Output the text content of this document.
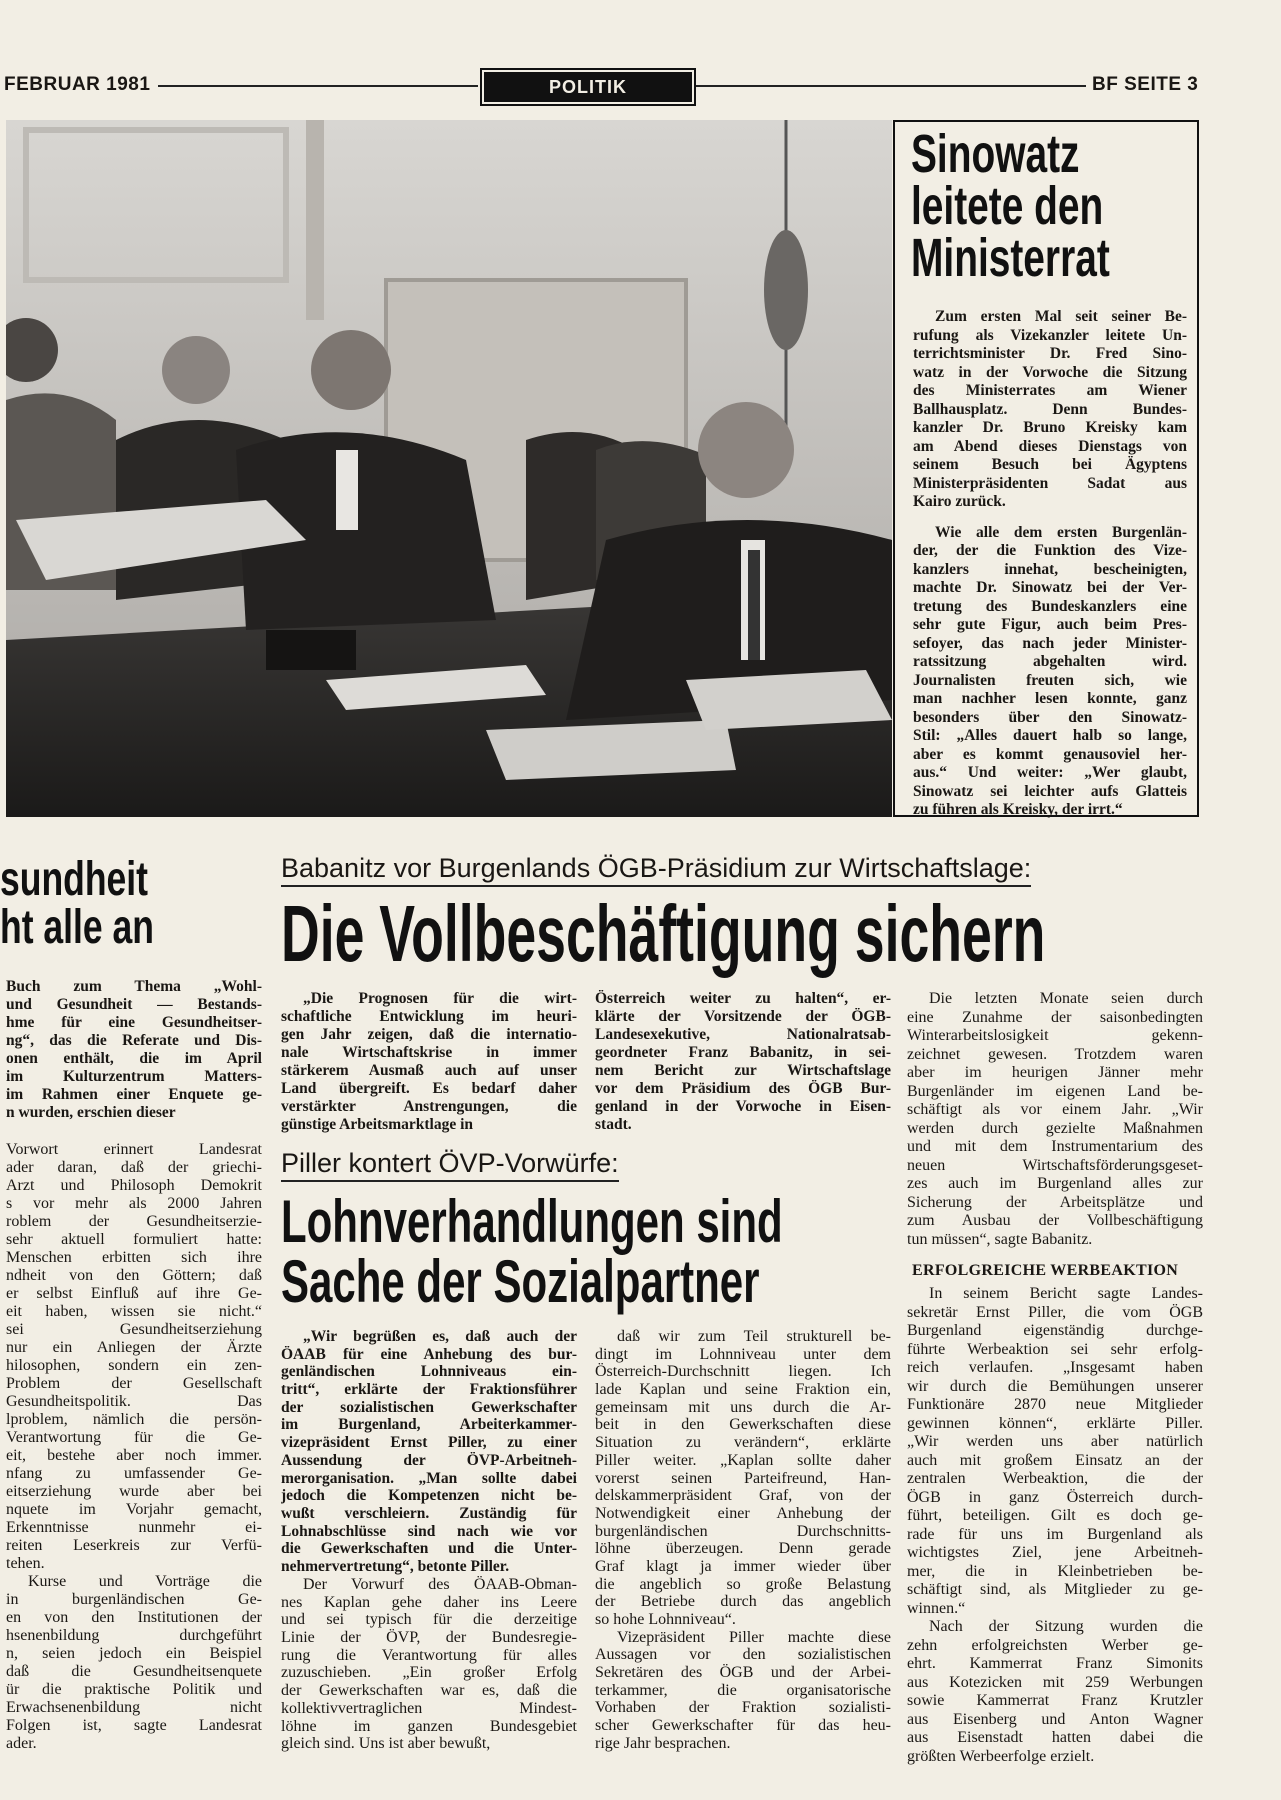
FEBRUAR 1981	POLITIK	BF SEITE 3
Sinowatz
leitete den
Ministerrat
Zum ersten Mal seit seiner Be-
rufung als Vizekanzler leitete Un-
terrichtsminister Dr. Fred Sino-
watz in der Vorwoche die Sitzung
des Ministerrates am Wiener
Ballhausplatz. Denn Bundes-
kanzler Dr. Bruno Kreisky kam
am Abend dieses Dienstags von
seinem Besuch bei Ägyptens
Ministerpräsidenten Sadat aus
Kairo zurück.
Wie alle dem ersten Burgenlän-
der, der die Funktion des Vize-
kanzlers innehat, bescheinigten,
machte Dr. Sinowatz bei der Ver-
tretung des Bundeskanzlers eine
sehr gute Figur, auch beim Pres-
sefoyer, das nach jeder Minister-
ratssitzung abgehalten wird.
Journalisten freuten sich, wie
man nachher lesen konnte, ganz
besonders über den Sinowatz-
Stil: „Alles dauert halb so lange,
aber es kommt genausoviel her-
aus.“ Und weiter: „Wer glaubt,
Sinowatz sei leichter aufs Glatteis
zu führen als Kreisky, der irrt.“
sundheit
ht alle an
Buch zum Thema „Wohl-
und Gesundheit — Bestands-
hme für eine Gesundheitser-
ng“, das die Referate und Dis-
onen enthält, die im April
im Kulturzentrum Matters-
im Rahmen einer Enquete ge-
n wurden, erschien dieser
Vorwort erinnert Landesrat
ader daran, daß der griechi-
Arzt und Philosoph Demokrit
s vor mehr als 2000 Jahren
roblem der Gesundheitserzie-
sehr aktuell formuliert hatte:
Menschen erbitten sich ihre
ndheit von den Göttern; daß
er selbst Einfluß auf ihre Ge-
eit haben, wissen sie nicht.“
sei Gesundheitserziehung
nur ein Anliegen der Ärzte
hilosophen, sondern ein zen-
Problem der Gesellschaft
Gesundheitspolitik. Das
lproblem, nämlich die persön-
Verantwortung für die Ge-
eit, bestehe aber noch immer.
nfang zu umfassender Ge-
eitserziehung wurde aber bei
nquete im Vorjahr gemacht,
Erkenntnisse nunmehr ei-
reiten Leserkreis zur Verfü-
tehen.
Kurse und Vorträge die
in burgenländischen Ge-
en von den Institutionen der
hsenenbildung durchgeführt
n, seien jedoch ein Beispiel
daß die Gesundheitsenquete
ür die praktische Politik und
Erwachsenenbildung nicht
Folgen ist, sagte Landesrat
ader.
Babanitz vor Burgenlands ÖGB-Präsidium zur Wirtschaftslage:
Die Vollbeschäftigung sichern
„Die Prognosen für die wirt-
schaftliche Entwicklung im heuri-
gen Jahr zeigen, daß die internatio-
nale Wirtschaftskrise in immer
stärkerem Ausmaß auch auf unser
Land übergreift. Es bedarf daher
verstärkter Anstrengungen, die
günstige Arbeitsmarktlage in
Österreich weiter zu halten“, er-
klärte der Vorsitzende der ÖGB-
Landesexekutive, Nationalratsab-
geordneter Franz Babanitz, in sei-
nem Bericht zur Wirtschaftslage
vor dem Präsidium des ÖGB Bur-
genland in der Vorwoche in Eisen-
stadt.
Die letzten Monate seien durch
eine Zunahme der saisonbedingten
Winterarbeitslosigkeit gekenn-
zeichnet gewesen. Trotzdem waren
aber im heurigen Jänner mehr
Burgenländer im eigenen Land be-
schäftigt als vor einem Jahr. „Wir
werden durch gezielte Maßnahmen
und mit dem Instrumentarium des
neuen Wirtschaftsförderungsgeset-
zes auch im Burgenland alles zur
Sicherung der Arbeitsplätze und
zum Ausbau der Vollbeschäftigung
tun müssen“, sagte Babanitz.
ERFOLGREICHE WERBEAKTION
In seinem Bericht sagte Landes-
sekretär Ernst Piller, die vom ÖGB
Burgenland eigenständig durchge-
führte Werbeaktion sei sehr erfolg-
reich verlaufen. „Insgesamt haben
wir durch die Bemühungen unserer
Funktionäre 2870 neue Mitglieder
gewinnen können“, erklärte Piller.
„Wir werden uns aber natürlich
auch mit großem Einsatz an der
zentralen Werbeaktion, die der
ÖGB in ganz Österreich durch-
führt, beteiligen. Gilt es doch ge-
rade für uns im Burgenland als
wichtigstes Ziel, jene Arbeitneh-
mer, die in Kleinbetrieben be-
schäftigt sind, als Mitglieder zu ge-
winnen.“
Nach der Sitzung wurden die
zehn erfolgreichsten Werber ge-
ehrt. Kammerrat Franz Simonits
aus Kotezicken mit 259 Werbungen
sowie Kammerrat Franz Krutzler
aus Eisenberg und Anton Wagner
aus Eisenstadt hatten dabei die
größten Werbeerfolge erzielt.
Piller kontert ÖVP-Vorwürfe:
Lohnverhandlungen sind
Sache der Sozialpartner
„Wir begrüßen es, daß auch der
ÖAAB für eine Anhebung des bur-
genländischen Lohnniveaus ein-
tritt“, erklärte der Fraktionsführer
der sozialistischen Gewerkschafter
im Burgenland, Arbeiterkammer-
vizepräsident Ernst Piller, zu einer
Aussendung der ÖVP-Arbeitneh-
merorganisation. „Man sollte dabei
jedoch die Kompetenzen nicht be-
wußt verschleiern. Zuständig für
Lohnabschlüsse sind nach wie vor
die Gewerkschaften und die Unter-
nehmervertretung“, betonte Piller.
Der Vorwurf des ÖAAB-Obman-
nes Kaplan gehe daher ins Leere
und sei typisch für die derzeitige
Linie der ÖVP, der Bundesregie-
rung die Verantwortung für alles
zuzuschieben. „Ein großer Erfolg
der Gewerkschaften war es, daß die
kollektivvertraglichen Mindest-
löhne im ganzen Bundesgebiet
gleich sind. Uns ist aber bewußt,
daß wir zum Teil strukturell be-
dingt im Lohnniveau unter dem
Österreich-Durchschnitt liegen. Ich
lade Kaplan und seine Fraktion ein,
gemeinsam mit uns durch die Ar-
beit in den Gewerkschaften diese
Situation zu verändern“, erklärte
Piller weiter. „Kaplan sollte daher
vorerst seinen Parteifreund, Han-
delskammerpräsident Graf, von der
Notwendigkeit einer Anhebung der
burgenländischen Durchschnitts-
löhne überzeugen. Denn gerade
Graf klagt ja immer wieder über
die angeblich so große Belastung
der Betriebe durch das angeblich
so hohe Lohnniveau“.
Vizepräsident Piller machte diese
Aussagen vor den sozialistischen
Sekretären des ÖGB und der Arbei-
terkammer, die organisatorische
Vorhaben der Fraktion sozialisti-
scher Gewerkschafter für das heu-
rige Jahr besprachen.
